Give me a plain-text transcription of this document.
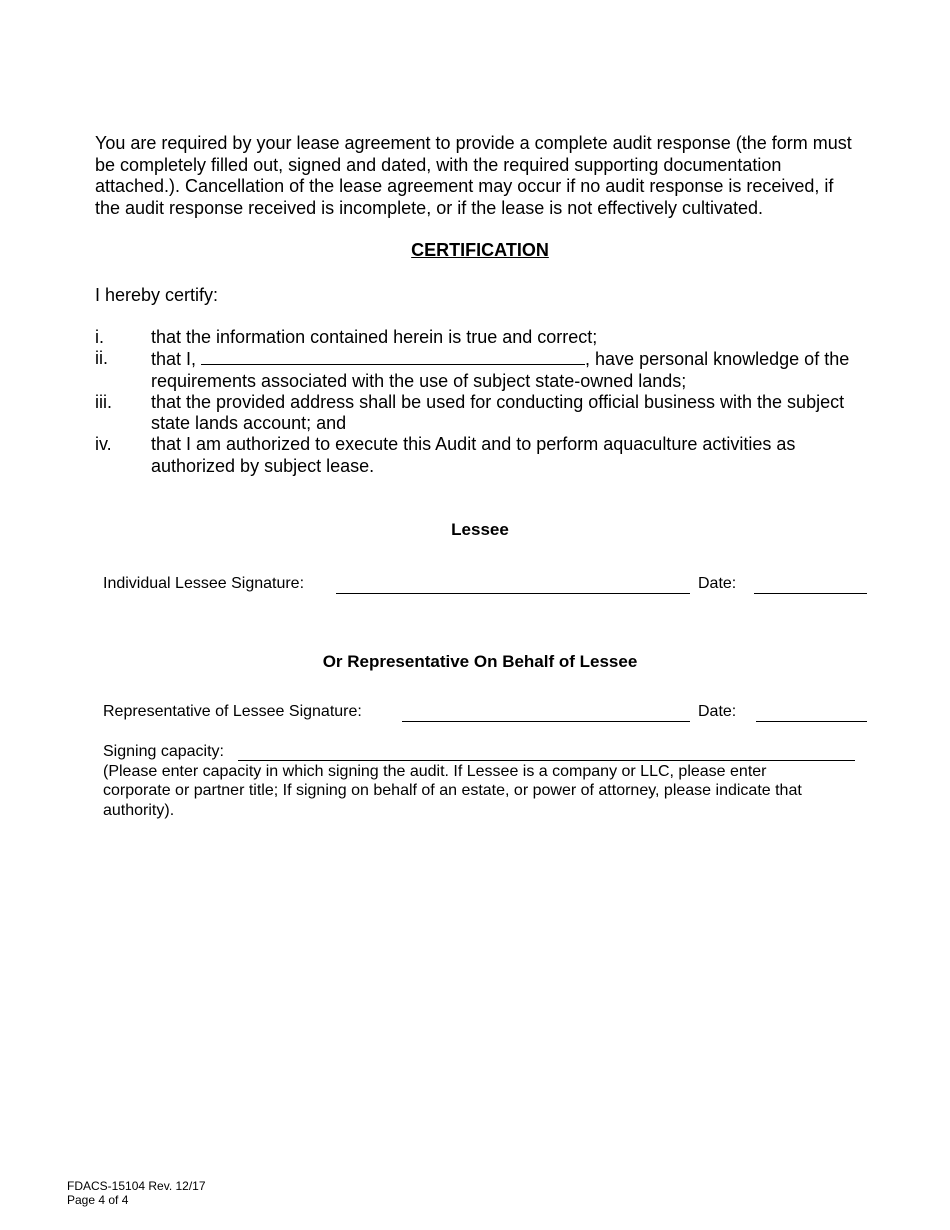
You are required by your lease agreement to provide a complete audit response (the form must
be completely filled out, signed and dated, with the required supporting documentation
attached.). Cancellation of the lease agreement may occur if no audit response is received, if
the audit response received is incomplete, or if the lease is not effectively cultivated.

CERTIFICATION

I hereby certify:

i.	that the information contained herein is true and correct;
ii. that I,	, have personal knowledge of the
requirements associated with the use of subject state-owned lands;
iii. that the provided address shall be used for conducting official business with the subject
state lands account; and
iv. that I am authorized to execute this Audit and to perform aquaculture activities as
authorized by subject lease.
Lessee
Individual Lessee Signature:	Date:
Or Representative On Behalf of Lessee
Representative of Lessee Signature:	Date:

Signing capacity:
(Please enter capacity in which signing the audit. If Lessee is a company or LLC, please enter
corporate or partner title; If signing on behalf of an estate, or power of attorney, please indicate that
authority).

FDACS-15104 Rev. 12/17
Page 4 of 4
